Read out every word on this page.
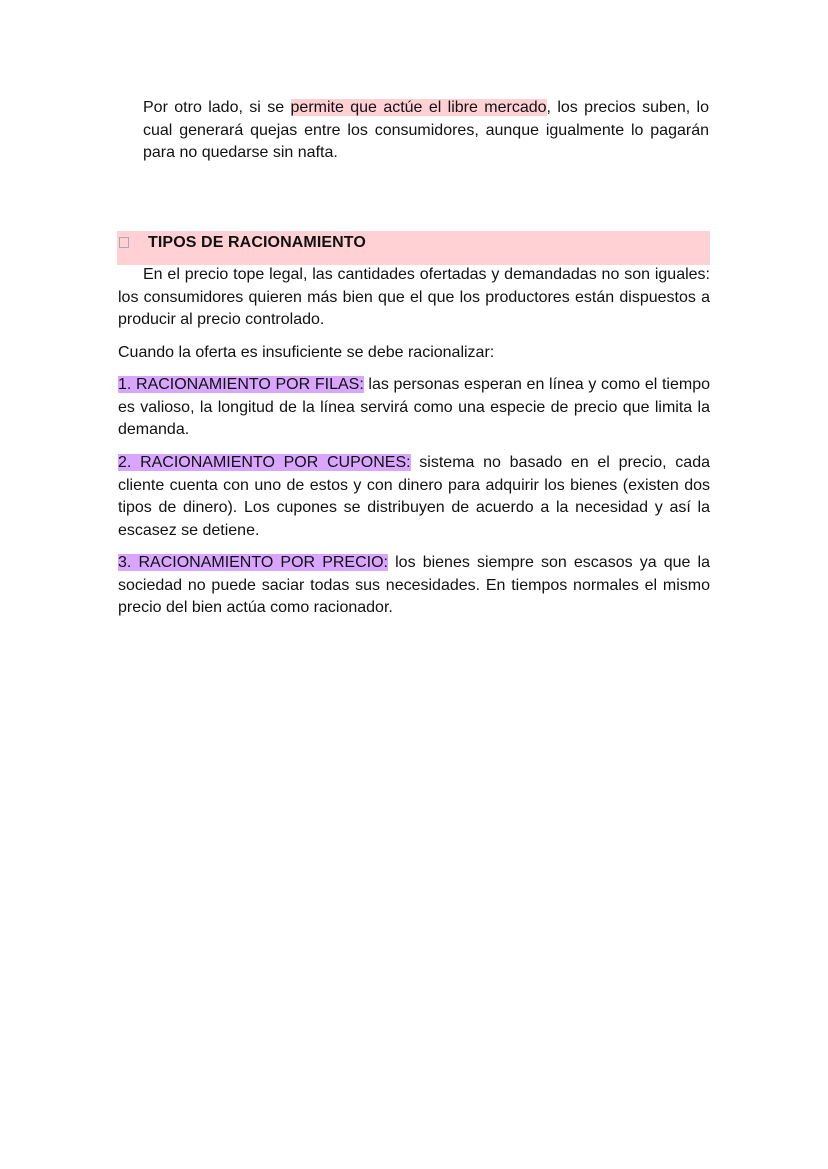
Por otro lado, si se permite que actúe el libre mercado, los precios suben, lo cual generará quejas entre los consumidores, aunque igualmente lo pagarán para no quedarse sin nafta.

TIPOS DE RACIONAMIENTO

En el precio tope legal, las cantidades ofertadas y demandadas no son iguales: los consumidores quieren más bien que el que los productores están dispuestos a producir al precio controlado.

Cuando la oferta es insuficiente se debe racionalizar:

1. RACIONAMIENTO POR FILAS: las personas esperan en línea y como el tiempo es valioso, la longitud de la línea servirá como una especie de precio que limita la demanda.

2. RACIONAMIENTO POR CUPONES: sistema no basado en el precio, cada cliente cuenta con uno de estos y con dinero para adquirir los bienes (existen dos tipos de dinero). Los cupones se distribuyen de acuerdo a la necesidad y así la escasez se detiene.

3. RACIONAMIENTO POR PRECIO: los bienes siempre son escasos ya que la sociedad no puede saciar todas sus necesidades. En tiempos normales el mismo precio del bien actúa como racionador.
